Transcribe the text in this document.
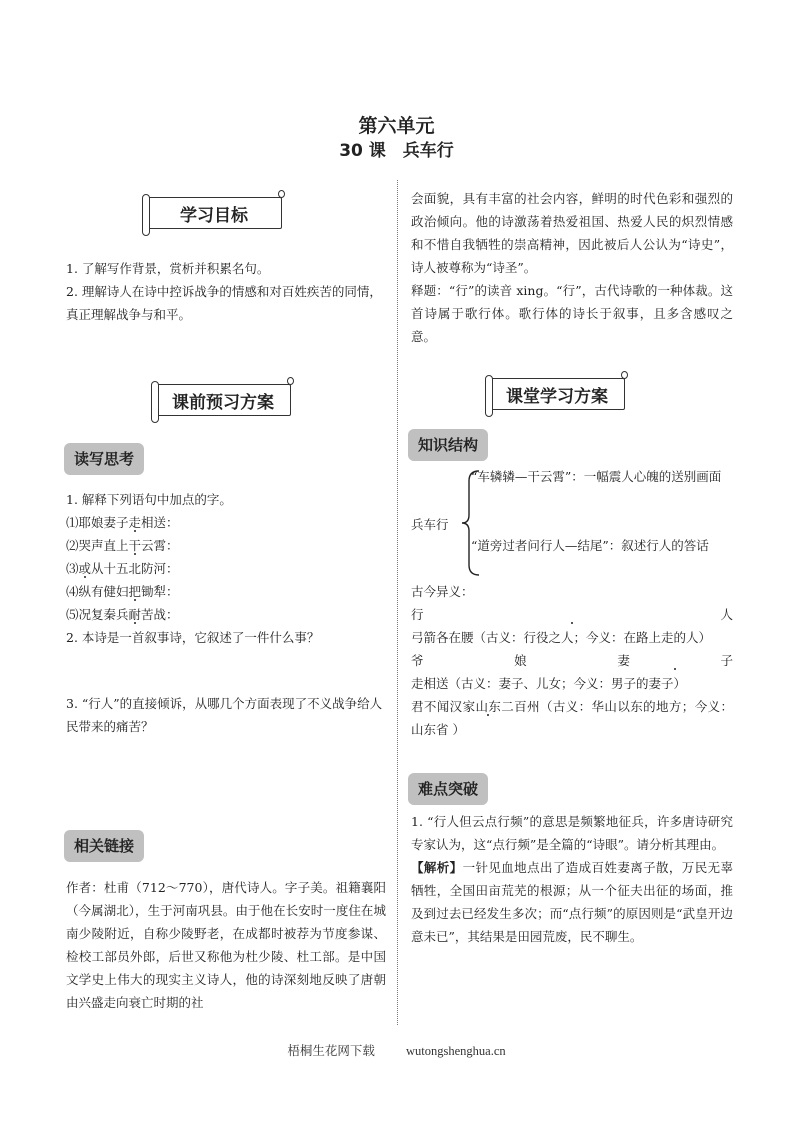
第六单元
30 课　兵车行
学习目标

1. 了解写作背景，赏析并积累名句。

2. 理解诗人在诗中控诉战争的情感和对百姓疾苦的同情，真正理解战争与和平。

课前预习方案
读写思考

1. 解释下列语句中加点的字。

⑴耶娘妻子走相送：

⑵哭声直上干云霄：

⑶或从十五北防河：

⑷纵有健妇把锄犁：

⑸况复秦兵耐苦战：

2. 本诗是一首叙事诗，它叙述了一件什么事？

3. “行人”的直接倾诉，从哪几个方面表现了不义战争给人民带来的痛苦？
相关链接
作者：杜甫（712～770），唐代诗人。字子美。祖籍襄阳（今属湖北），生于河南巩县。由于他在长安时一度住在城南少陵附近，自称少陵野老，在成都时被荐为节度参谋、检校工部员外郎，后世又称他为杜少陵、杜工部。是中国文学史上伟大的现实主义诗人，他的诗深刻地反映了唐朝由兴盛走向衰亡时期的社

会面貌，具有丰富的社会内容，鲜明的时代色彩和强烈的政治倾向。他的诗激荡着热爱祖国、热爱人民的炽烈情感和不惜自我牺牲的崇高精神，因此被后人公认为“诗史”，诗人被尊称为“诗圣”。

释题：“行”的读音 xing。“行”，古代诗歌的一种体裁。这首诗属于歌行体。歌行体的诗长于叙事，且多含感叹之意。

课堂学习方案
知识结构
兵车行
“车辚辚—干云霄”：一幅震人心魄的送别画面
“道旁过者问行人—结尾”：叙述行人的答话

古今异义：

行人弓箭各在腰（古义：行役之人；今义：在路上走的人）

爷娘妻子走相送（古义：妻子、儿女；今义：男子的妻子）

君不闻汉家山东二百州（古义：华山以东的地方；今义：山东省 ）

难点突破

1. “行人但云点行频”的意思是频繁地征兵，许多唐诗研究专家认为，这“点行频”是全篇的“诗眼”。请分析其理由。

【解析】一针见血地点出了造成百姓妻离子散，万民无辜牺牲，全国田亩荒芜的根源；从一个征夫出征的场面，推及到过去已经发生多次；而“点行频”的原因则是“武皇开边意未已”，其结果是田园荒废，民不聊生。

梧桐生花网下载 wutongshenghua.cn
